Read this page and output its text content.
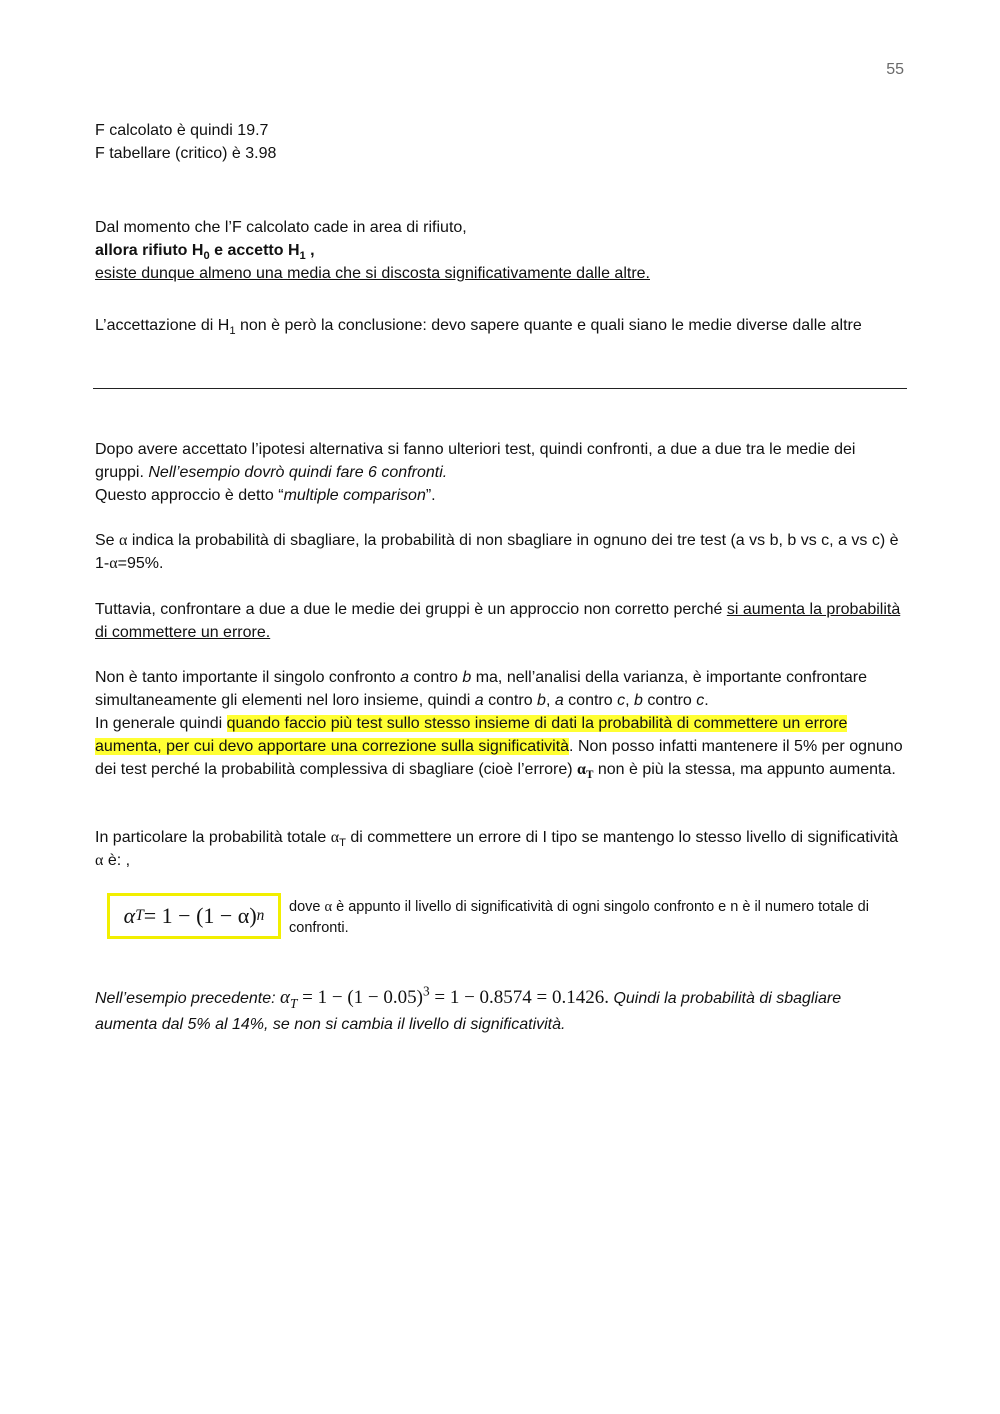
55
F calcolato è quindi 19.7
F tabellare (critico) è 3.98
Dal momento che l’F calcolato cade in area di rifiuto,
allora rifiuto $H_0$ e accetto $H_1$ ,
esiste dunque almeno una media che si discosta significativamente dalle altre.
L’accettazione di $H_1$ non è però la conclusione: devo sapere quante e quali siano le medie diverse dalle altre
Dopo avere accettato l’ipotesi alternativa si fanno ulteriori test, quindi confronti, a due a due tra le medie dei gruppi. Nell’esempio dovrò quindi fare 6 confronti.
Questo approccio è detto “multiple comparison”.
Se α indica la probabilità di sbagliare, la probabilità di non sbagliare in ognuno dei tre test (a vs b, b vs c, a vs c) è 1-α=95%.
Tuttavia, confrontare a due a due le medie dei gruppi è un approccio non corretto perché si aumenta la probabilità di commettere un errore.
Non è tanto importante il singolo confronto a contro b ma, nell’analisi della varianza, è importante confrontare simultaneamente gli elementi nel loro insieme, quindi a contro b, a contro c, b contro c.
In generale quindi quando faccio più test sullo stesso insieme di dati la probabilità di commettere un errore aumenta, per cui devo apportare una correzione sulla significatività. Non posso infatti mantenere il 5% per ognuno dei test perché la probabilità complessiva di sbagliare (cioè l’errore) $\alpha_T$ non è più la stessa, ma appunto aumenta.
In particolare la probabilità totale $\alpha_T$ di commettere un errore di I tipo se mantengo lo stesso livello di significatività α è: ,
α T = 1 − (1 − α) n dove α è appunto il livello di significatività di ogni singolo confronto e n è il numero totale di confronti.
Nell’esempio precedente: $\alpha_T = 1 - (1 - 0.05)^3 = 1 - 0.8574 = 0.1426$. Quindi la probabilità di sbagliare aumenta dal 5% al 14%, se non si cambia il livello di significatività.
